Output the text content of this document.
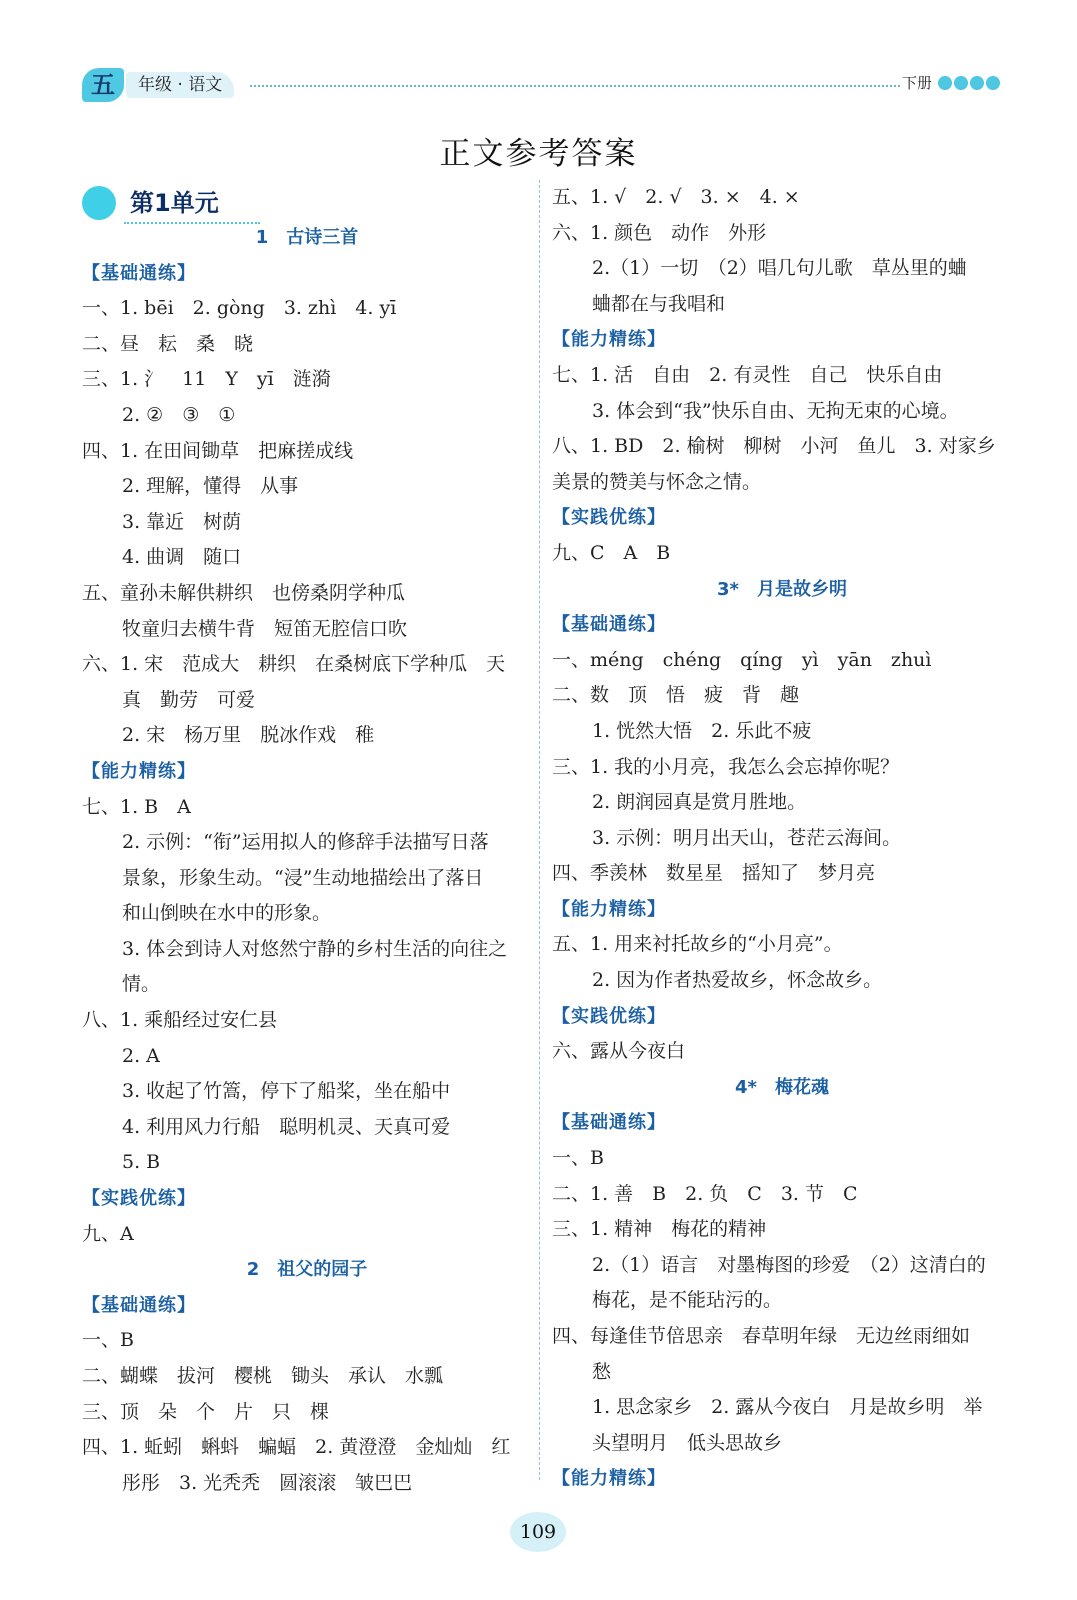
五	年级 · 语文	下册
正文参考答案
第1单元
1　古诗三首
【基础通练】
一、1. bēi　2. gòng　3. zhì　4. yī
二、昼　耘　桑　晓
三、1. 氵　11　Y　yī　涟漪
2. ②　③　①
四、1. 在田间锄草　把麻搓成线
2. 理解，懂得　从事
3. 靠近　树荫
4. 曲调　随口
五、童孙未解供耕织　也傍桑阴学种瓜
牧童归去横牛背　短笛无腔信口吹
六、1. 宋　范成大　耕织　在桑树底下学种瓜　天
真　勤劳　可爱
2. 宋　杨万里　脱冰作戏　稚
【能力精练】
七、1. B　A
2. 示例：“衔”运用拟人的修辞手法描写日落
景象，形象生动。“浸”生动地描绘出了落日
和山倒映在水中的形象。
3. 体会到诗人对悠然宁静的乡村生活的向往之
情。
八、1. 乘船经过安仁县
2. A
3. 收起了竹篙，停下了船桨，坐在船中
4. 利用风力行船　聪明机灵、天真可爱
5. B
【实践优练】
九、A
2　祖父的园子
【基础通练】
一、B
二、蝴蝶　拔河　樱桃　锄头　承认　水瓢
三、顶　朵　个　片　只　棵
四、1. 蚯蚓　蝌蚪　蝙蝠　2. 黄澄澄　金灿灿　红
彤彤　3. 光秃秃　圆滚滚　皱巴巴
五、1. √　2. √　3. ×　4. ×
六、1. 颜色　动作　外形
2.（1）一切　（2）唱几句儿歌　草丛里的蛐
蛐都在与我唱和
【能力精练】
七、1. 活　自由　2. 有灵性　自己　快乐自由
3. 体会到“我”快乐自由、无拘无束的心境。
八、1. BD　2. 榆树　柳树　小河　鱼儿　3. 对家乡
美景的赞美与怀念之情。
【实践优练】
九、C　A　B
3*　月是故乡明
【基础通练】
一、méng　chéng　qíng　yì　yān　zhuì
二、数　顶　悟　疲　背　趣
1. 恍然大悟　2. 乐此不疲
三、1. 我的小月亮，我怎么会忘掉你呢？
2. 朗润园真是赏月胜地。
3. 示例：明月出天山，苍茫云海间。
四、季羡林　数星星　摇知了　梦月亮
【能力精练】
五、1. 用来衬托故乡的“小月亮”。
2. 因为作者热爱故乡，怀念故乡。
【实践优练】
六、露从今夜白
4*　梅花魂
【基础通练】
一、B
二、1. 善　B　2. 负　C　3. 节　C
三、1. 精神　梅花的精神
2.（1）语言　对墨梅图的珍爱　（2）这清白的
梅花，是不能玷污的。
四、每逢佳节倍思亲　春草明年绿　无边丝雨细如
愁
1. 思念家乡　2. 露从今夜白　月是故乡明　举
头望明月　低头思故乡
【能力精练】
109
